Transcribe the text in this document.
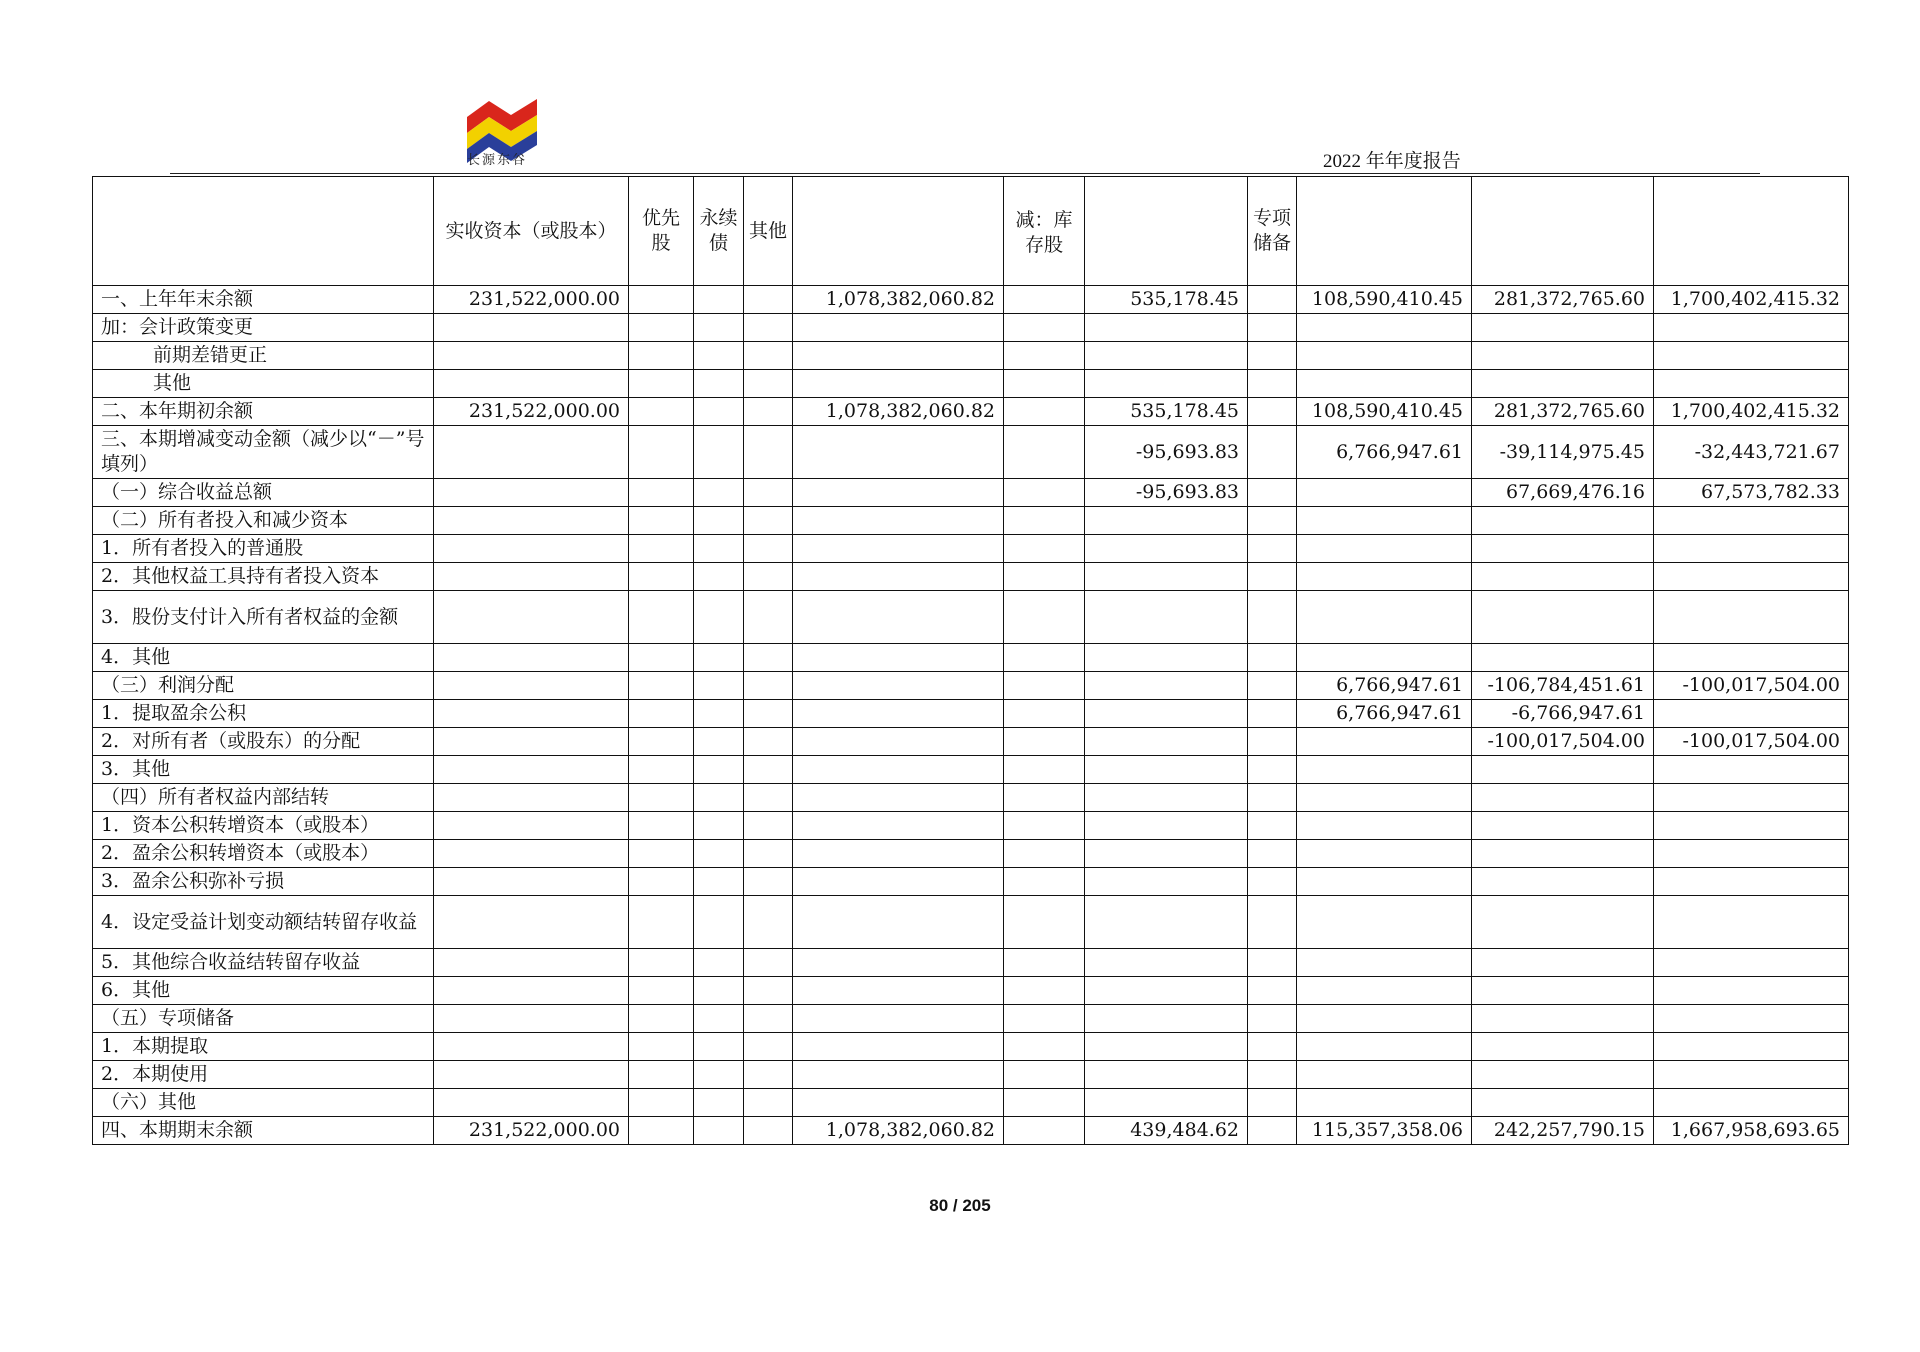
长源东谷	2022 年年度报告
	实收资本（或股本）	优先股	永续债	其他		减：库存股		专项储备			
一、上年年末余额	231,522,000.00				1,078,382,060.82		535,178.45		108,590,410.45	281,372,765.60	1,700,402,415.32
加：会计政策变更											
前期差错更正											
其他											
二、本年期初余额	231,522,000.00				1,078,382,060.82		535,178.45		108,590,410.45	281,372,765.60	1,700,402,415.32
三、本期增减变动金额（减少以“－”号填列）							-95,693.83		6,766,947.61	-39,114,975.45	-32,443,721.67
（一）综合收益总额							-95,693.83			67,669,476.16	67,573,782.33
（二）所有者投入和减少资本											
1．所有者投入的普通股											
2．其他权益工具持有者投入资本											
3．股份支付计入所有者权益的金额											
4．其他											
（三）利润分配									6,766,947.61	-106,784,451.61	-100,017,504.00
1．提取盈余公积									6,766,947.61	-6,766,947.61	
2．对所有者（或股东）的分配										-100,017,504.00	-100,017,504.00
3．其他											
（四）所有者权益内部结转											
1．资本公积转增资本（或股本）											
2．盈余公积转增资本（或股本）											
3．盈余公积弥补亏损											
4．设定受益计划变动额结转留存收益											
5．其他综合收益结转留存收益											
6．其他											
（五）专项储备											
1．本期提取											
2．本期使用											
（六）其他											
四、本期期末余额	231,522,000.00				1,078,382,060.82		439,484.62		115,357,358.06	242,257,790.15	1,667,958,693.65
80 / 205
